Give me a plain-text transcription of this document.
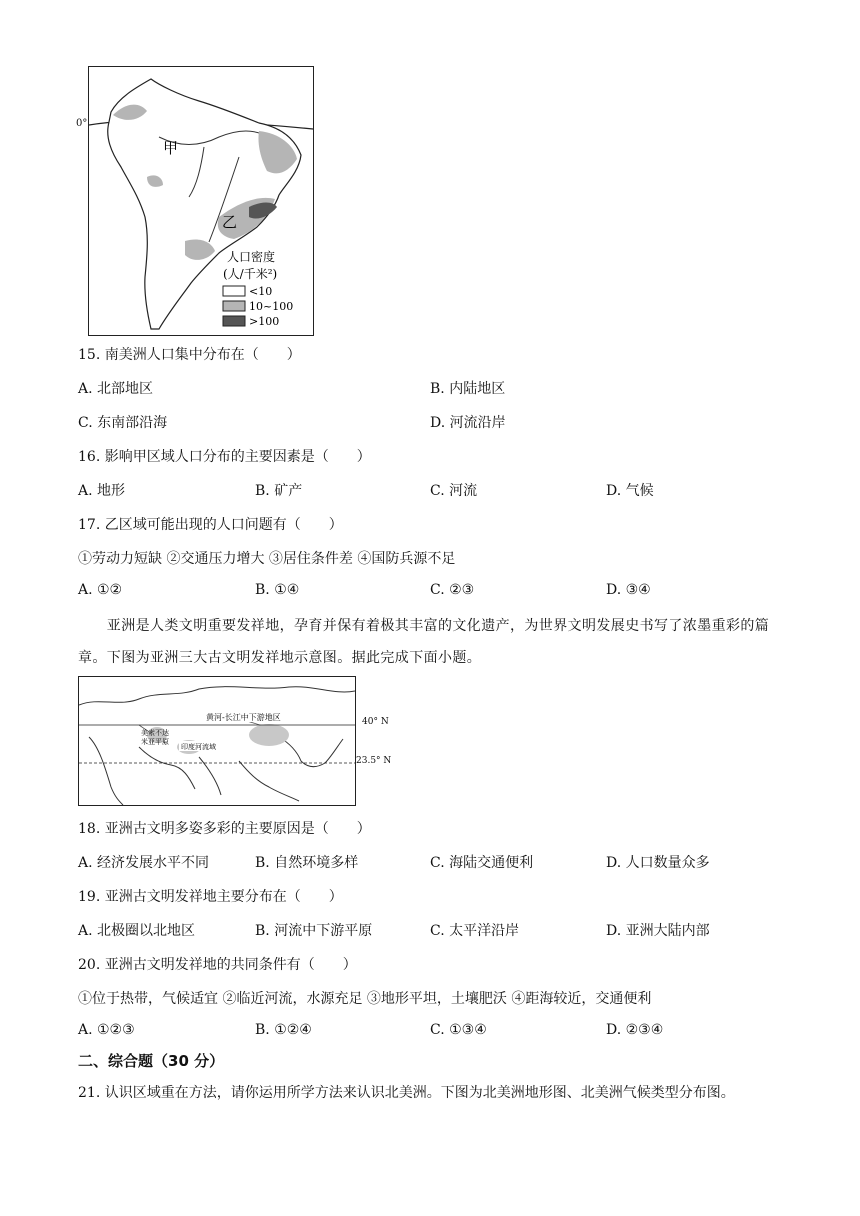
甲
乙
人口密度
(人/千米²)
<10
10~100
>100
0°
15. 南美洲人口集中分布在（　　）
A. 北部地区	B. 内陆地区
C. 东南部沿海	D. 河流沿岸
16. 影响甲区域人口分布的主要因素是（　　）
A. 地形	B. 矿产	C. 河流	D. 气候
17. 乙区域可能出现的人口问题有（　　）
①劳动力短缺 ②交通压力增大 ③居住条件差 ④国防兵源不足
A. ①②	B. ①④	C. ②③	D. ③④
　　亚洲是人类文明重要发祥地，孕育并保有着极其丰富的文化遗产，为世界文明发展史书写了浓墨重彩的篇章。下图为亚洲三大古文明发祥地示意图。据此完成下面小题。
黄河-长江中下游地区
美索不达
米亚平原
印度河流域
40° N
23.5° N
18. 亚洲古文明多姿多彩的主要原因是（　　）
A. 经济发展水平不同	B. 自然环境多样	C. 海陆交通便利	D. 人口数量众多
19. 亚洲古文明发祥地主要分布在（　　）
A. 北极圈以北地区	B. 河流中下游平原	C. 太平洋沿岸	D. 亚洲大陆内部
20. 亚洲古文明发祥地的共同条件有（　　）
①位于热带，气候适宜 ②临近河流，水源充足 ③地形平坦，土壤肥沃 ④距海较近，交通便利
A. ①②③	B. ①②④	C. ①③④	D. ②③④
二、综合题（30 分）
21. 认识区域重在方法，请你运用所学方法来认识北美洲。下图为北美洲地形图、北美洲气候类型分布图。
